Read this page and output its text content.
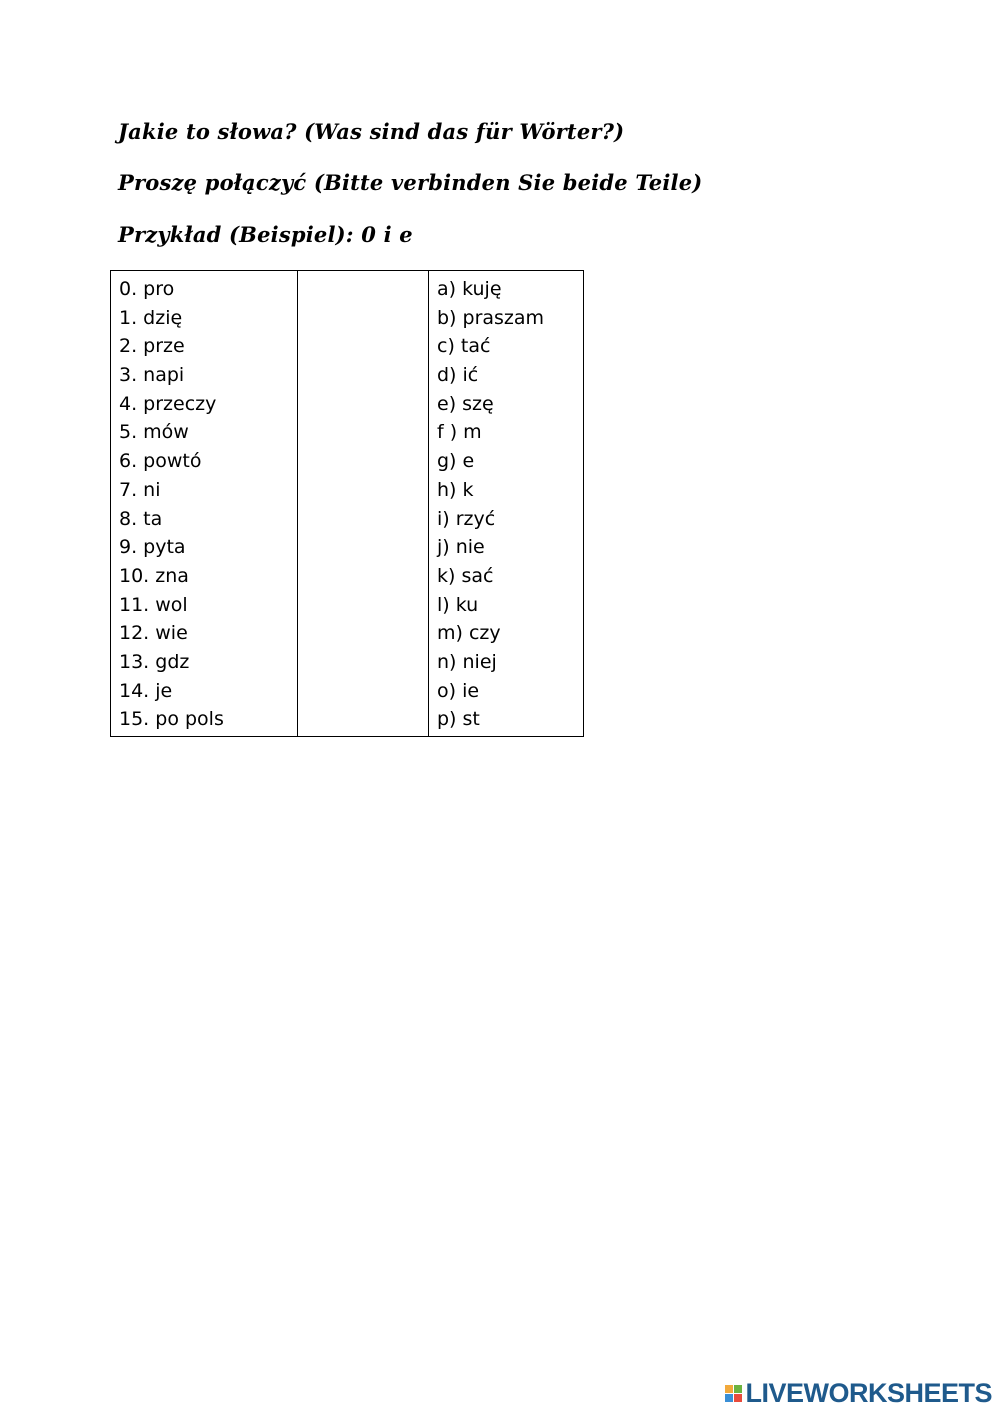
Jakie to słowa? (Was sind das für Wörter?)
Proszę połączyć (Bitte verbinden Sie beide Teile)
Przykład (Beispiel): 0 i e
0. pro
1. dzię
2. prze
3. napi
4. przeczy
5. mów
6. powtó
7. ni
8. ta
9. pyta
10. zna
11. wol
12. wie
13. gdz
14. je
15. po pols

a) kuję
b) praszam
c) tać
d) ić
e) szę
f ) m
g) e
h) k
i) rzyć
j) nie
k) sać
l) ku
m) czy
n) niej
o) ie
p) st
LIVEWORKSHEETS
